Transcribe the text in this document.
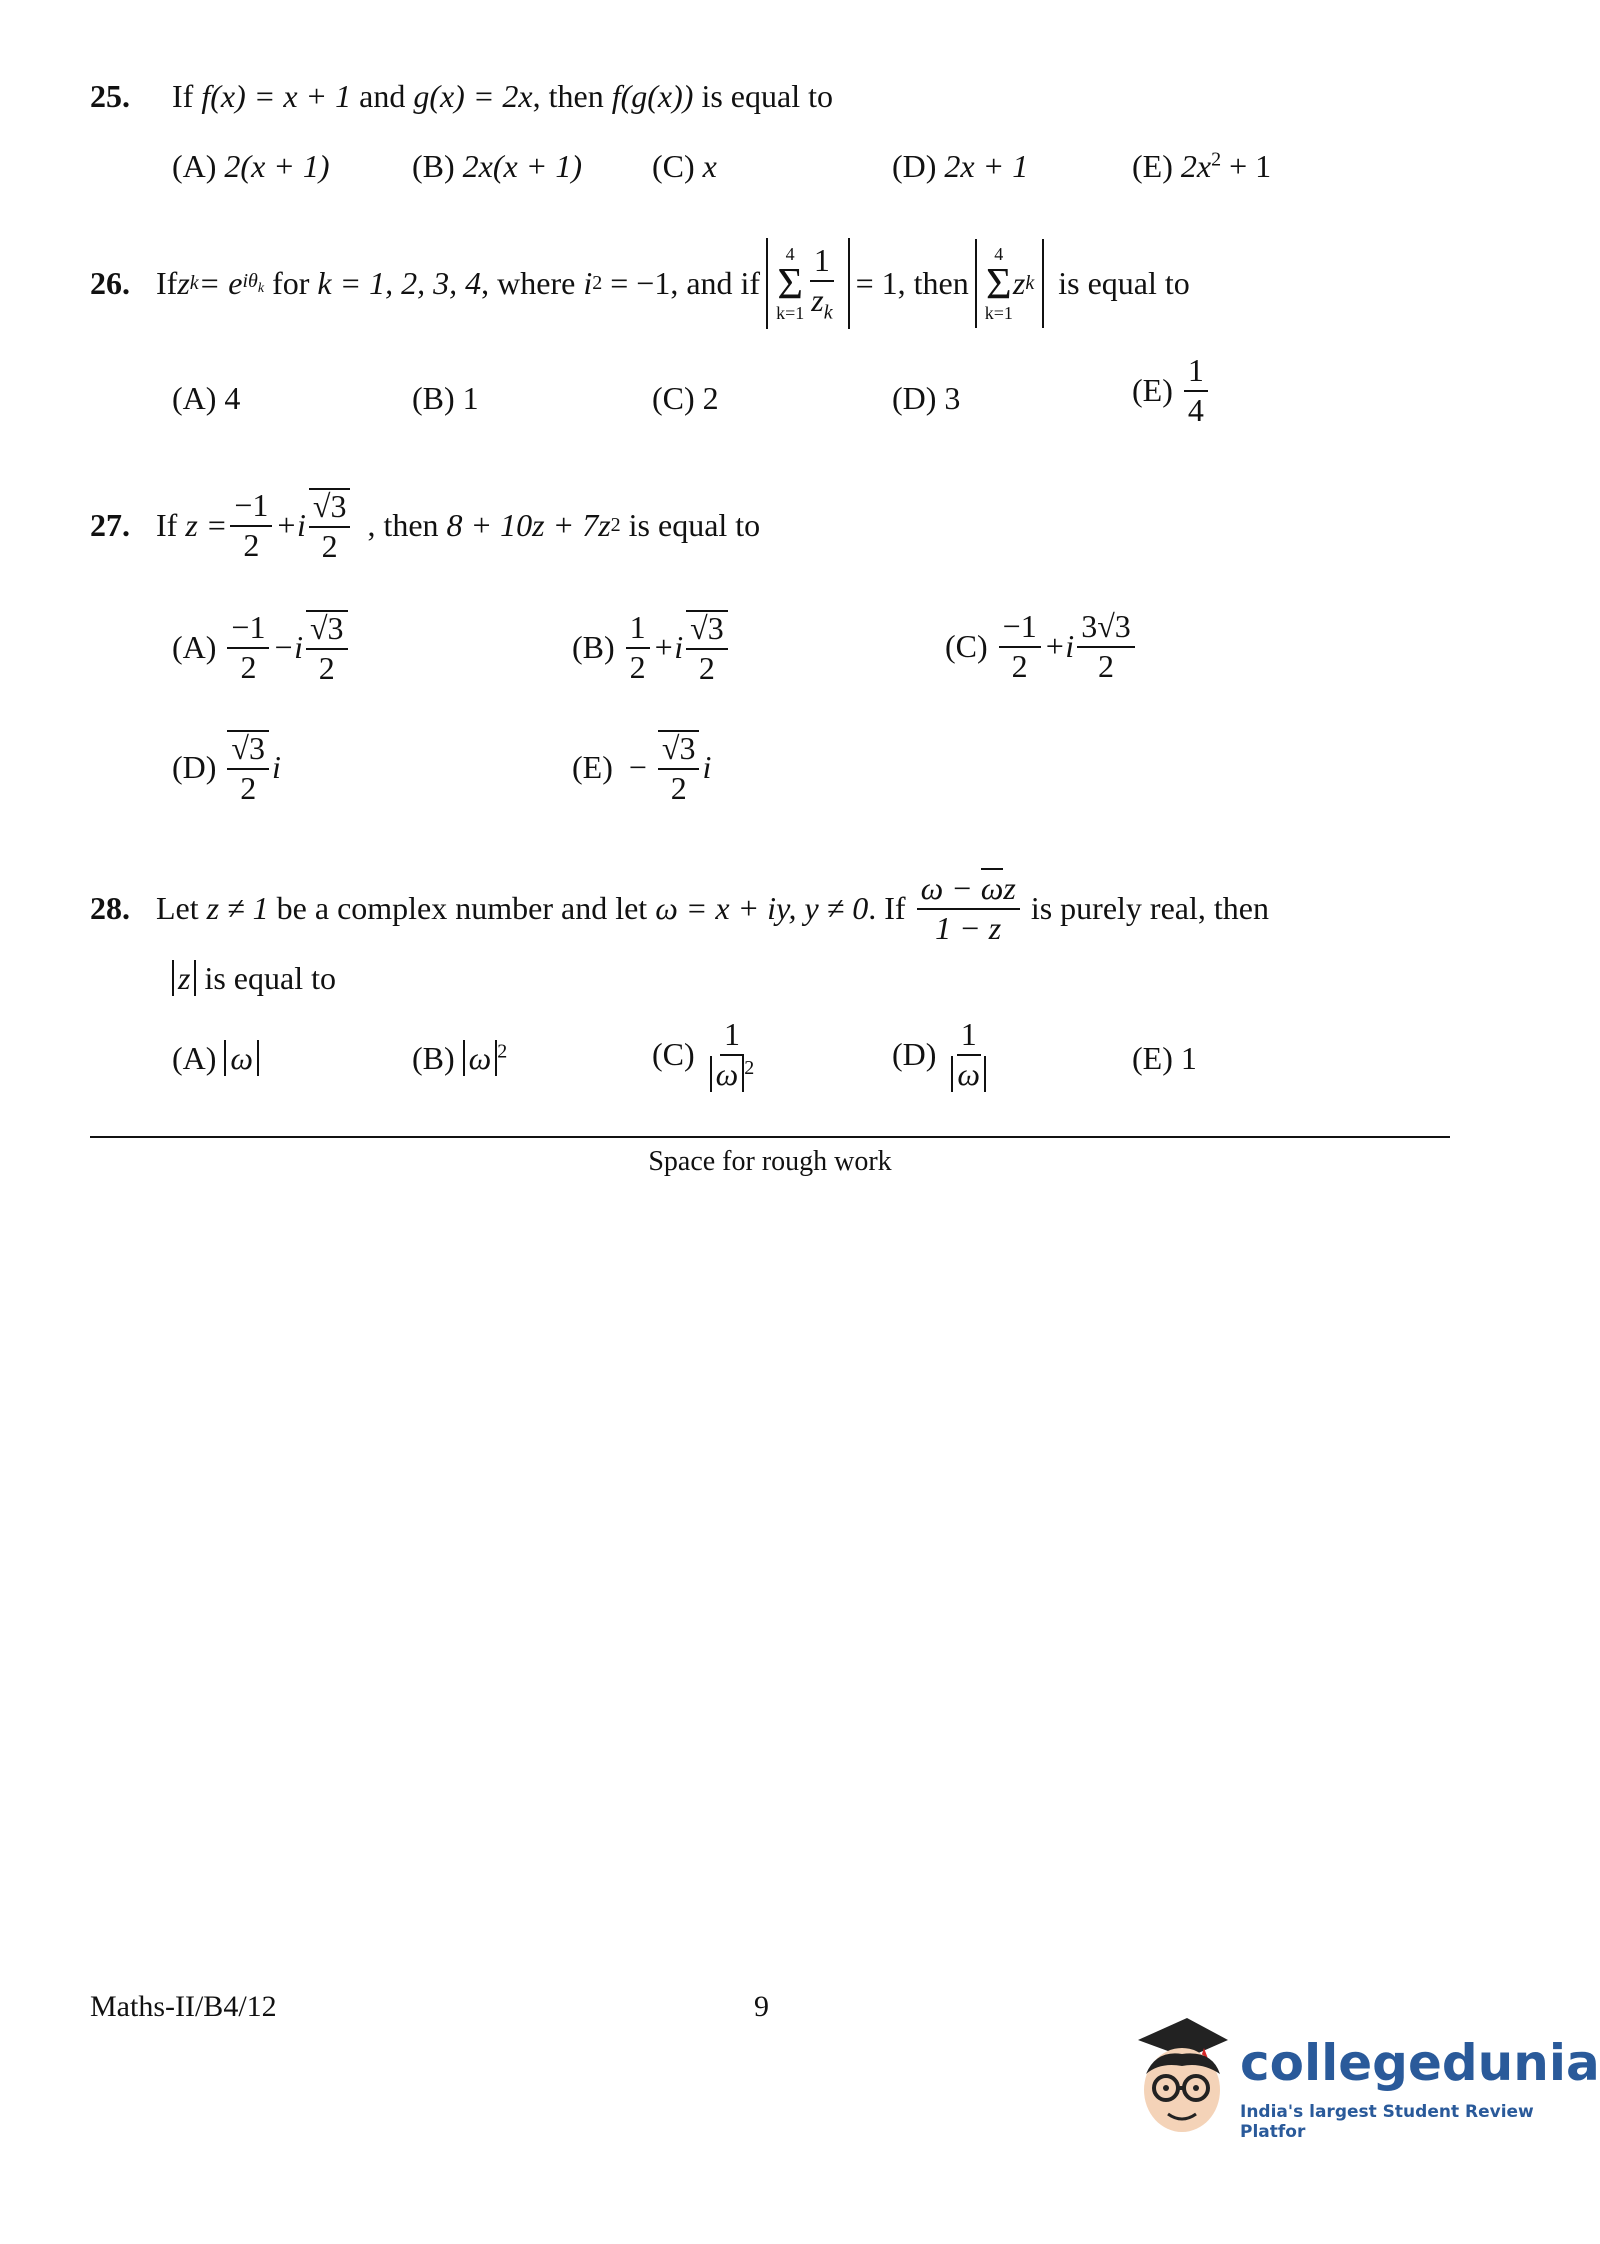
25. If f(x) = x + 1 and g(x) = 2x, then f(g(x)) is equal to
(A) 2(x + 1)	(B) 2x(x + 1) (C) x	(D) 2x + 1	(E) $2x^2 + 1$
26. If z k = e $i\theta_k$ for k = 1, 2, 3, 4 , where i 2 = −1, and if
4
Σ
$k=1 \frac{1}{z_k} = 1$, then
4
Σ
k=1
z k is equal to
(A) 4	(B) 1	(C) 2	(D) 3	(E)
$\frac{1}{4}$
27. If $z = \frac{-1}{2} +i \frac{√3}{2}$ , then 8 + 10z + 7z 2 is equal to
(A)
$\frac{-1}{2} -i \frac{√3}{2}$	(B)
$\frac{1}{2} +i \frac{√3}{2}$	(C)
$\frac{-1}{2} +i \frac{3√3}{2}$
(D)
$\frac{√3}{2}$ i	(E)
−
$\frac{√3}{2}$ i
28. Let z ≠ 1 be a complex number and let ω = x + iy, y ≠ 0 . If $\frac{\omega - \omega z}{1 - z}$ is purely real, then
z is equal to
(A) ω	(B) ω $^2$	(C)
$\frac{1}{\omega ^2}$	(D)
$\frac{1}{\omega}$	(E) 1
Space for rough work
Maths-II/B4/12	9
collegedunia
India's largest Student Review Platfor
